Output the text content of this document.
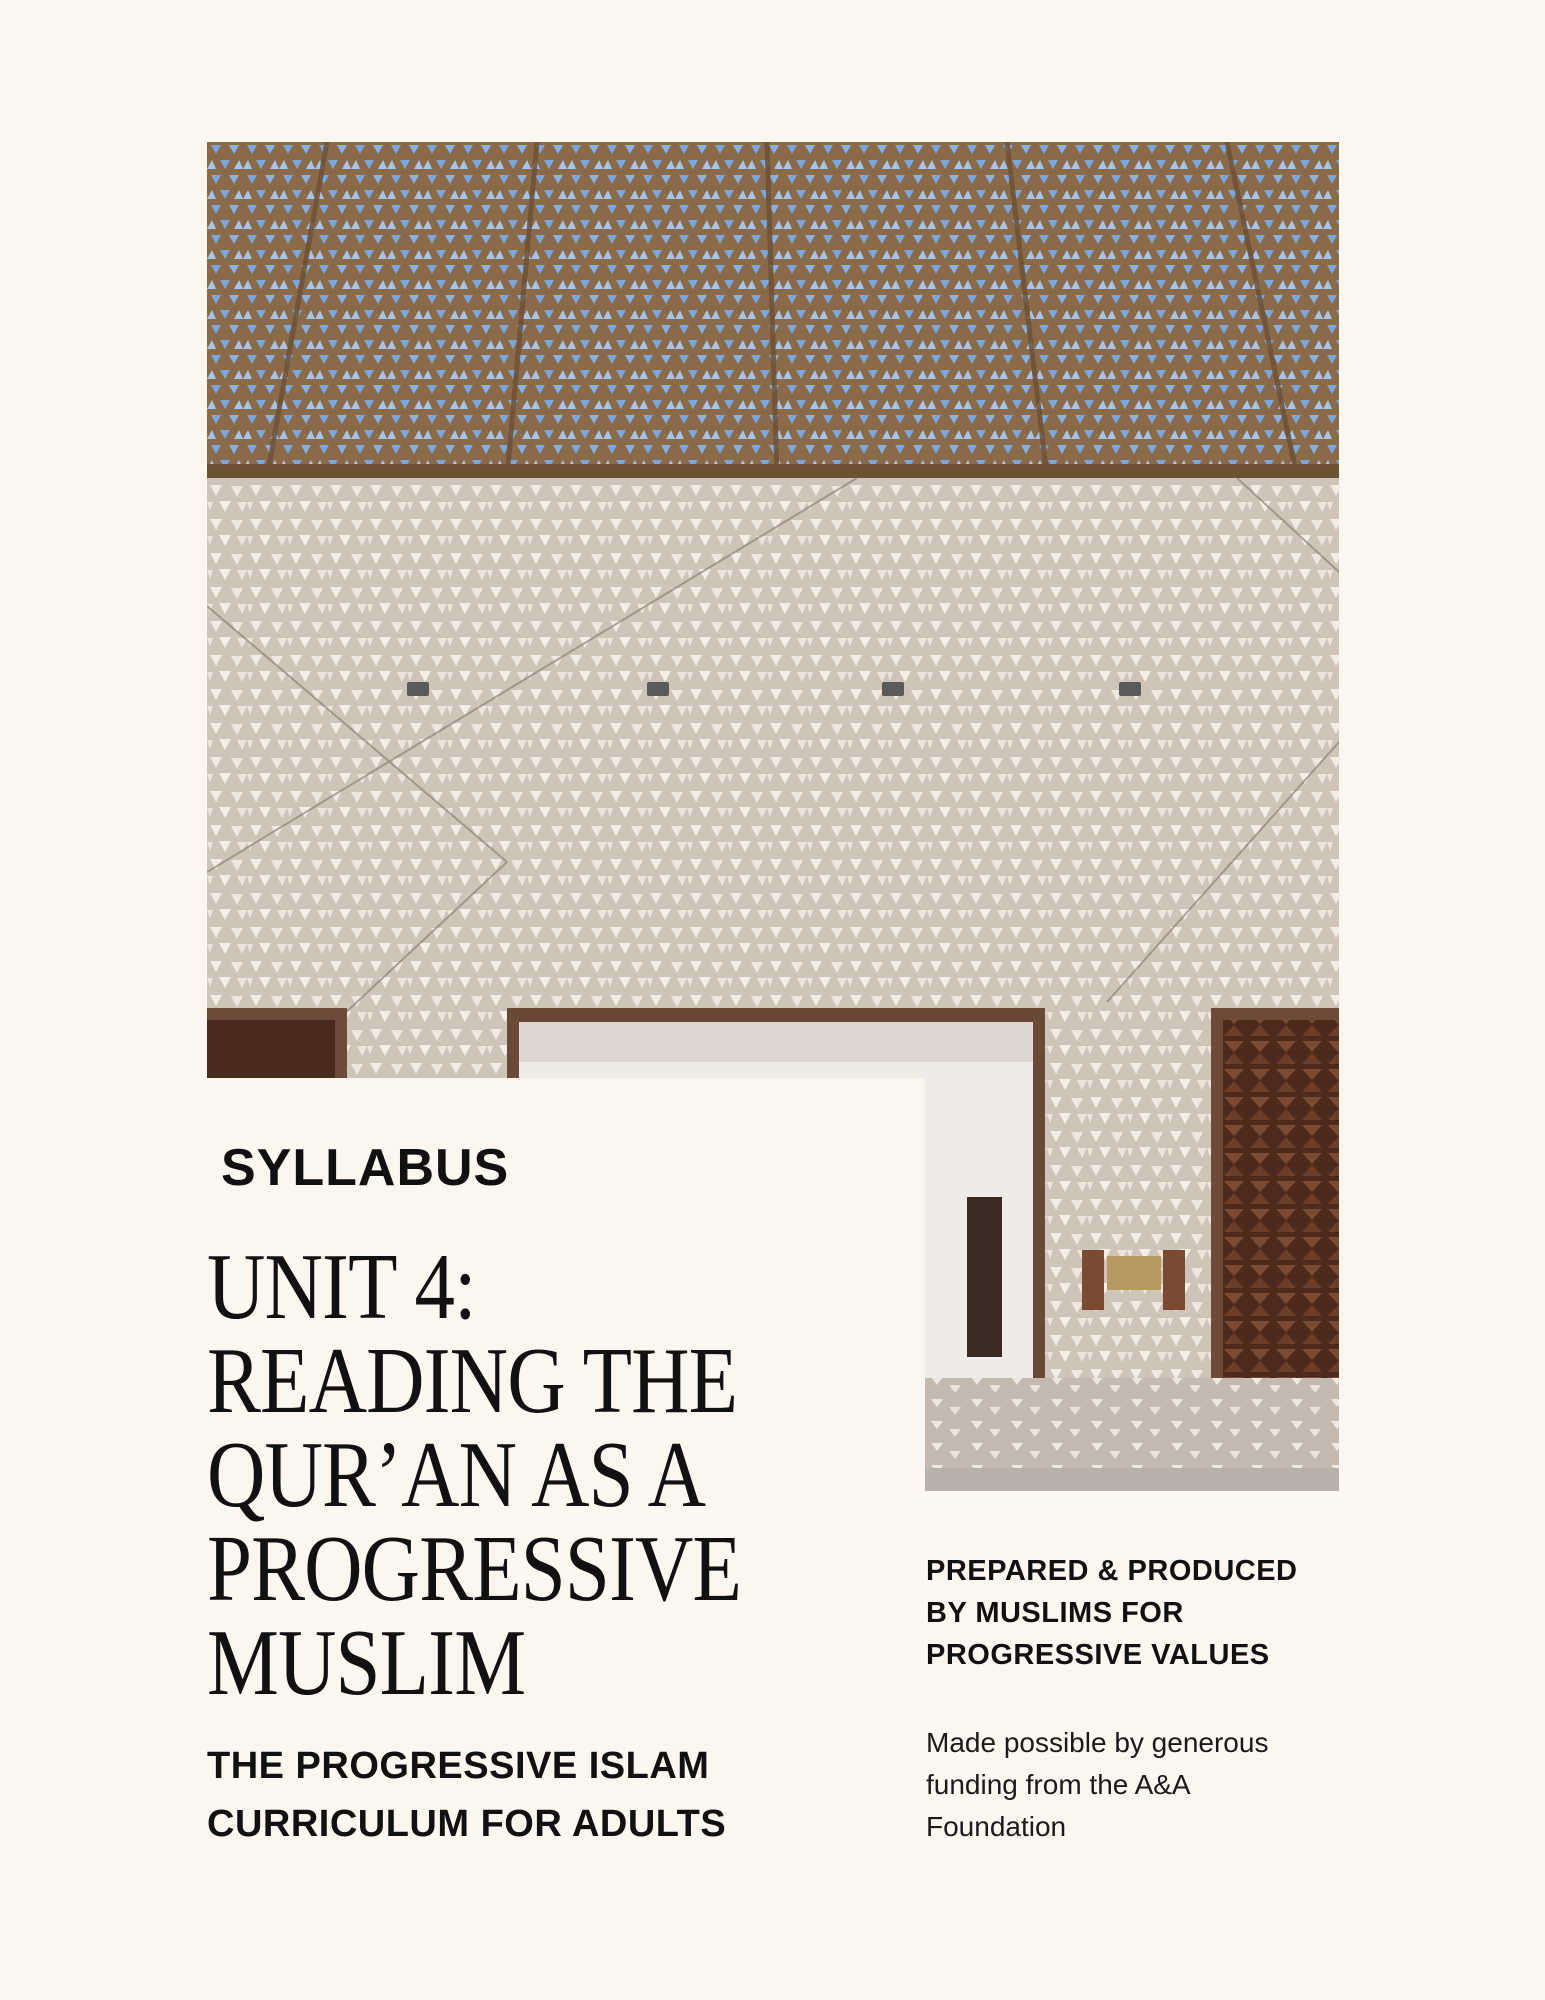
SYLLABUS
UNIT 4:
READING THE
QUR’AN AS A
PROGRESSIVE
MUSLIM

THE PROGRESSIVE ISLAM
CURRICULUM FOR ADULTS

PREPARED & PRODUCED
BY MUSLIMS FOR
PROGRESSIVE VALUES

Made possible by generous
funding from the A&A
Foundation
